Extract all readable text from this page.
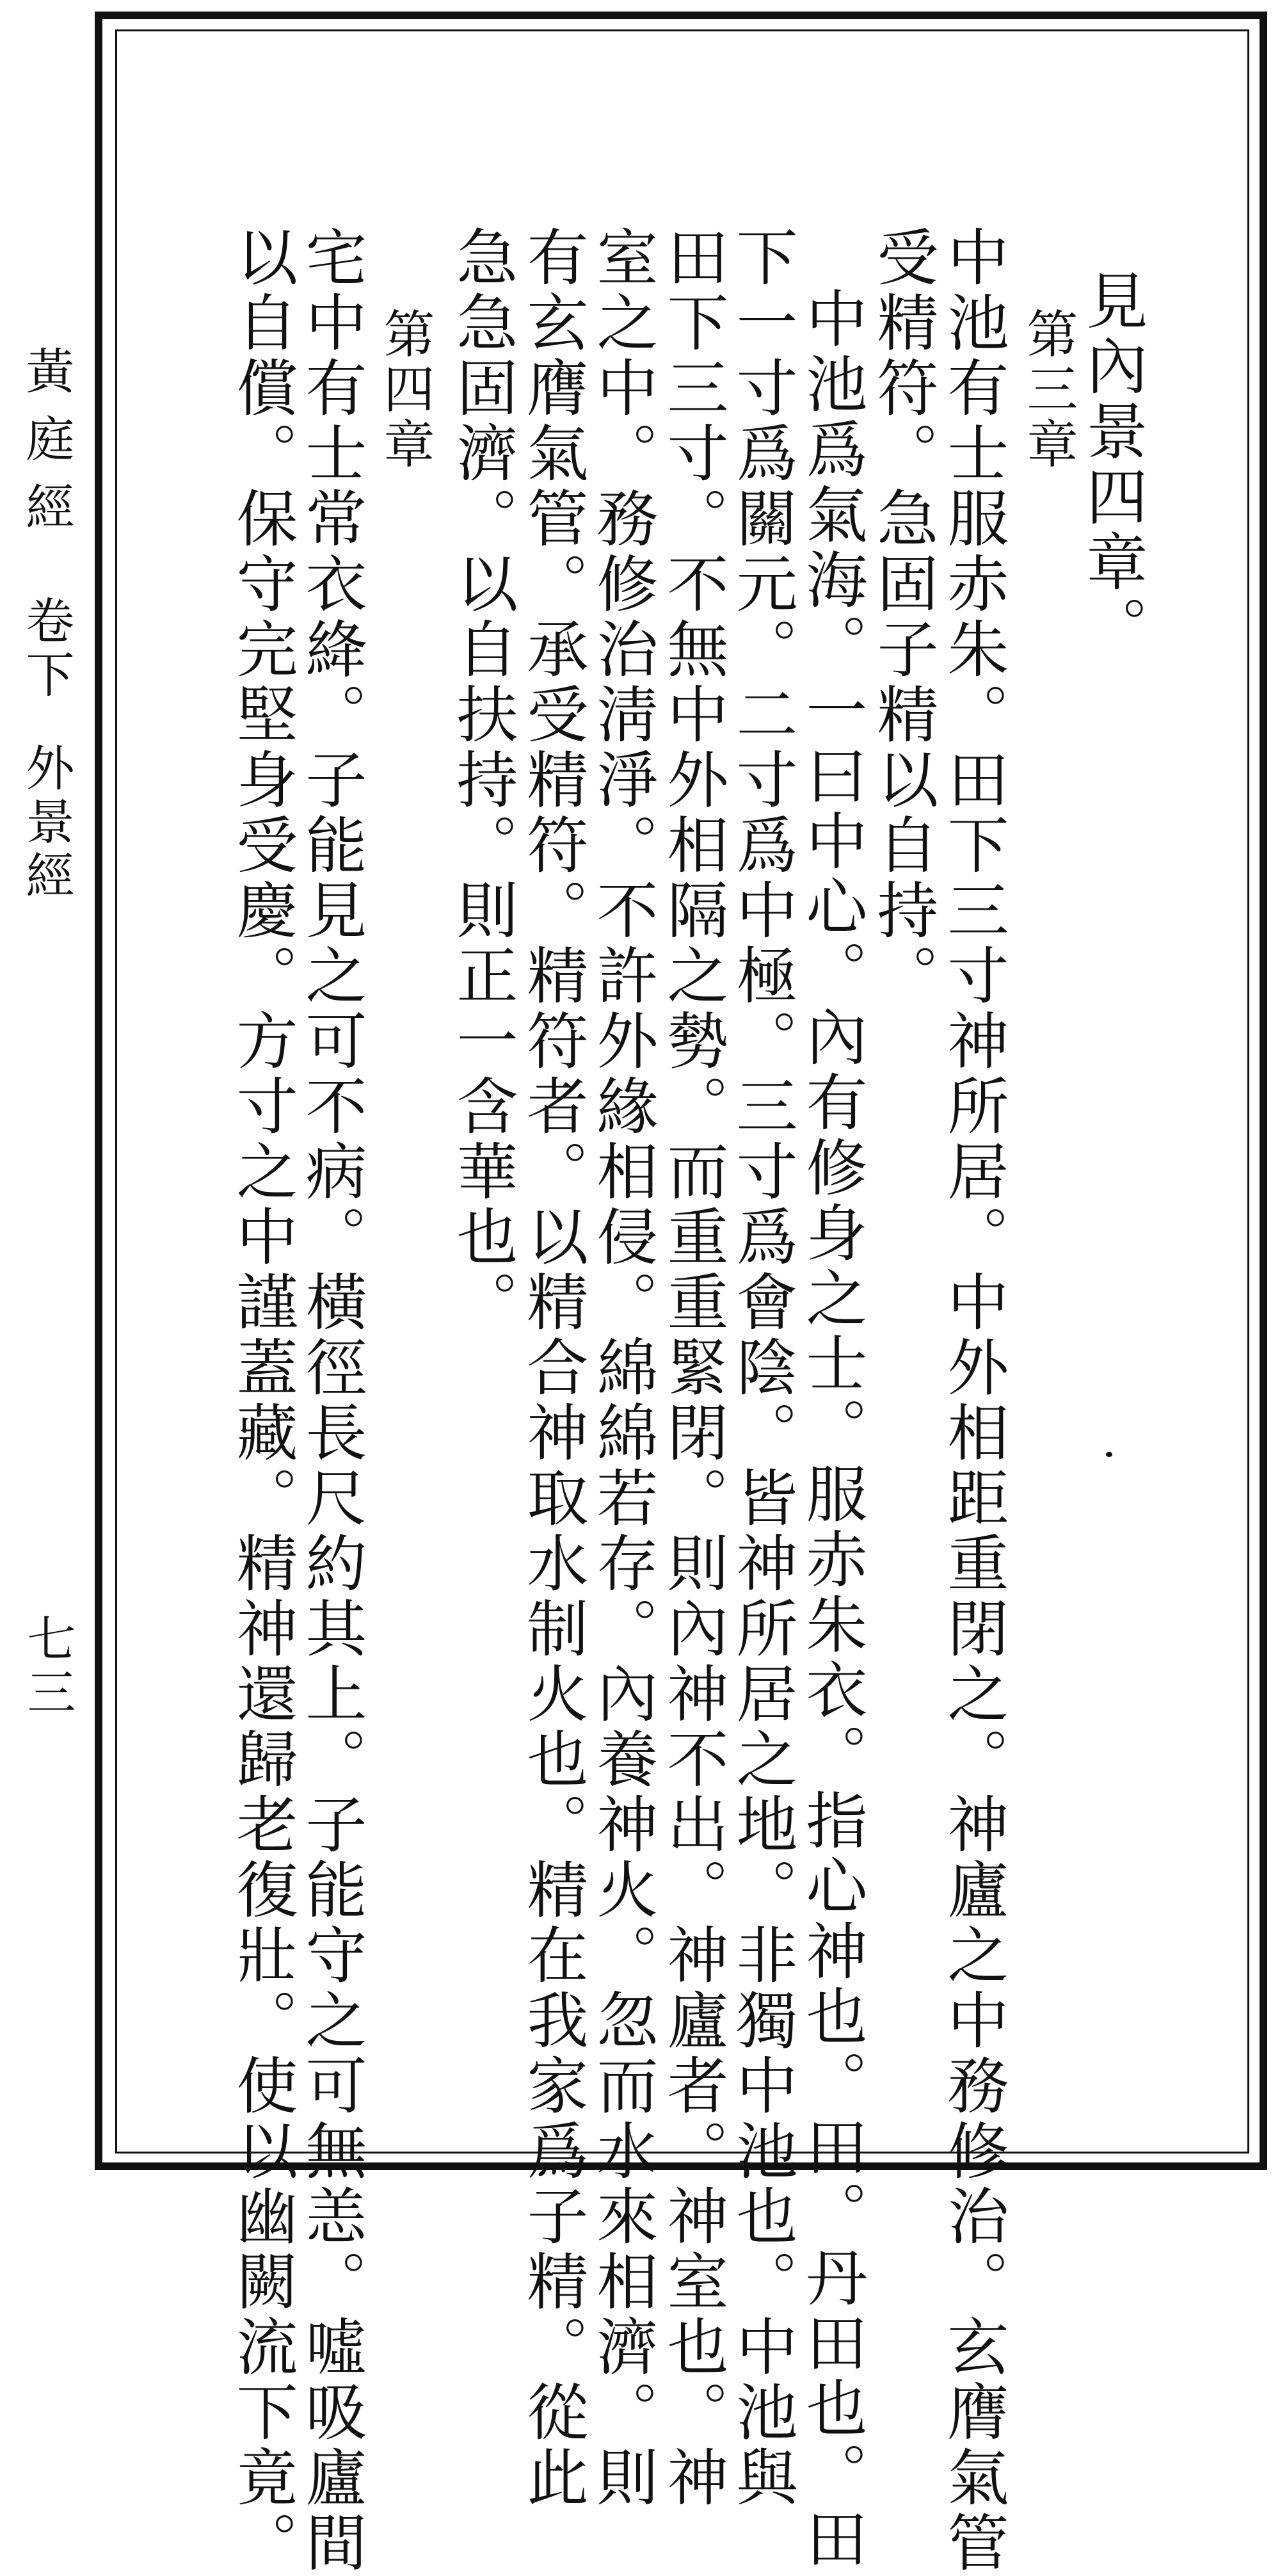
黃庭經
卷下
外景經
七三
見內景四章。
第三章
中池有士服赤朱。田下三寸神所居。中外相距重閉之。神廬之中務修治。玄膺氣管
受精符。急固子精以自持。
中池爲氣海。一曰中心。內有修身之士。服赤朱衣。指心神也。田。丹田也。田
下一寸爲關元。二寸爲中極。三寸爲會陰。皆神所居之地。非獨中池也。中池與
田下三寸。不無中外相隔之勢。而重重緊閉。則內神不出。神廬者。神室也。神
室之中。務修治淸淨。不許外緣相侵。綿綿若存。內養神火。忽而水來相濟。則
有玄膺氣管。承受精符。精符者。以精合神取水制火也。精在我家爲子精。從此
急急固濟。以自扶持。則正一含華也。
第四章
宅中有士常衣絳。子能見之可不病。橫徑長尺約其上。子能守之可無恙。噓吸廬間
以自償。保守完堅身受慶。方寸之中謹蓋藏。精神還歸老復壯。使以幽闕流下竟。
